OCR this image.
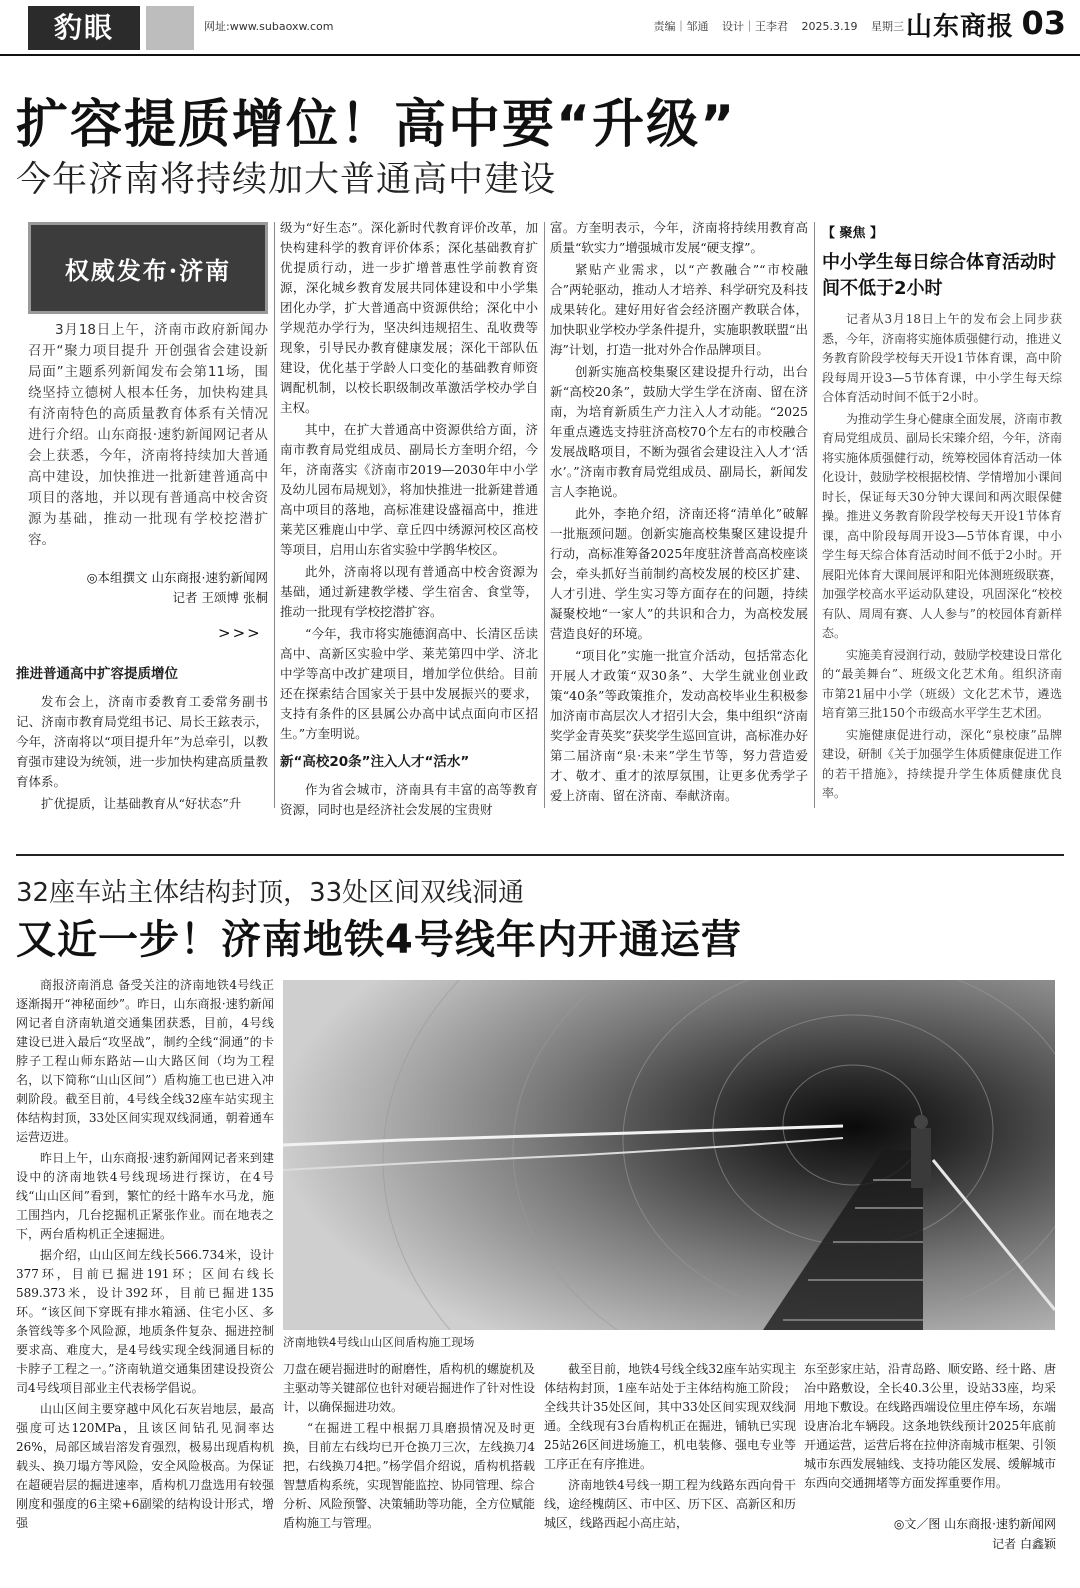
豹眼	网址:www.subaoxw.com	责编｜邹通 设计｜王李君 2025.3.19 星期三 山东商报 03
扩容提质增位！高中要“升级”
今年济南将持续加大普通高中建设
权威发布·济南

3月18日上午，济南市政府新闻办召开“聚力项目提升 开创强省会建设新局面”主题系列新闻发布会第11场，围绕坚持立德树人根本任务，加快构建具有济南特色的高质量教育体系有关情况进行介绍。山东商报·速豹新闻网记者从会上获悉，今年，济南将持续加大普通高中建设，加快推进一批新建普通高中项目的落地，并以现有普通高中校舍资源为基础，推动一批现有学校挖潜扩容。

◎本组撰文 山东商报·速豹新闻网
记者 王颂博 张桐
>>>
推进普通高中扩容提质增位

发布会上，济南市委教育工委常务副书记、济南市教育局党组书记、局长王鉉表示，今年，济南将以“项目提升年”为总牵引，以教育强市建设为统领，进一步加快构建高质量教育体系。

扩优提质，让基础教育从“好状态”升

级为“好生态”。深化新时代教育评价改革，加快构建科学的教育评价体系；深化基础教育扩优提质行动，进一步扩增普惠性学前教育资源，深化城乡教育发展共同体建设和中小学集团化办学，扩大普通高中资源供给；深化中小学规范办学行为，坚决纠违规招生、乱收费等现象，引导民办教育健康发展；深化干部队伍建设，优化基于学龄人口变化的基础教育师资调配机制，以校长职级制改革激活学校办学自主权。

其中，在扩大普通高中资源供给方面，济南市教育局党组成员、副局长方奎明介绍，今年，济南落实《济南市2019—2030年中小学及幼儿园布局规划》，将加快推进一批新建普通高中项目的落地，高标准建设盛福高中，推进莱芜区雅鹿山中学、章丘四中绣源河校区高校等项目，启用山东省实验中学鹊华校区。

此外，济南将以现有普通高中校舍资源为基础，通过新建教学楼、学生宿舍、食堂等，推动一批现有学校挖潜扩容。

“今年，我市将实施德润高中、长清区岳读高中、高新区实验中学、莱芜第四中学、济北中学等高中改扩建项目，增加学位供给。目前还在探索结合国家关于县中发展振兴的要求，支持有条件的区县属公办高中试点面向市区招生。”方奎明说。

新“高校20条”注入人才“活水”

作为省会城市，济南具有丰富的高等教育资源，同时也是经济社会发展的宝贵财

富。方奎明表示，今年，济南将持续用教育高质量“软实力”增强城市发展“硬支撑”。

紧贴产业需求，以“产教融合”“市校融合”两轮驱动，推动人才培养、科学研究及科技成果转化。建好用好省会经济圈产教联合体，加快职业学校办学条件提升，实施职教联盟“出海”计划，打造一批对外合作品牌项目。

创新实施高校集聚区建设提升行动，出台新“高校20条”，鼓励大学生学在济南、留在济南，为培育新质生产力注入人才动能。“2025年重点遴选支持驻济高校70个左右的市校融合发展战略项目，不断为强省会建设注入人才‘活水’。”济南市教育局党组成员、副局长，新闻发言人李艳说。

此外，李艳介绍，济南还将“清单化”破解一批瓶颈问题。创新实施高校集聚区建设提升行动，高标准筹备2025年度驻济普高高校座谈会，牵头抓好当前制约高校发展的校区扩建、人才引进、学生实习等方面存在的问题，持续凝聚校地“一家人”的共识和合力，为高校发展营造良好的环境。

“项目化”实施一批宣介活动，包括常态化开展人才政策“双30条”、大学生就业创业政策“40条”等政策推介，发动高校毕业生积极参加济南市高层次人才招引大会，集中组织“济南奖学金青英奖”获奖学生巡回宣讲，高标准办好第二届济南“泉·未来”学生节等，努力营造爱才、敬才、重才的浓厚氛围，让更多优秀学子爱上济南、留在济南、奉献济南。

【 聚焦 】
中小学生每日综合体育活动时间不低于2小时

记者从3月18日上午的发布会上同步获悉，今年，济南将实施体质强健行动，推进义务教育阶段学校每天开设1节体育课，高中阶段每周开设3—5节体育课，中小学生每天综合体育活动时间不低于2小时。

为推动学生身心健康全面发展，济南市教育局党组成员、副局长宋臻介绍，今年，济南将实施体质强健行动，统筹校园体育活动一体化设计，鼓励学校根据校情、学情增加小课间时长，保证每天30分钟大课间和两次眼保健操。推进义务教育阶段学校每天开设1节体育课，高中阶段每周开设3—5节体育课，中小学生每天综合体育活动时间不低于2小时。开展阳光体育大课间展评和阳光体测班级联赛，加强学校高水平运动队建设，巩固深化“校校有队、周周有赛、人人参与”的校园体育新样态。

实施美育浸润行动，鼓励学校建设日常化的“最美舞台”、班级文化艺术角。组织济南市第21届中小学（班级）文化艺术节，遴选培育第三批150个市级高水平学生艺术团。

实施健康促进行动，深化“泉校康”品牌建设，研制《关于加强学生体质健康促进工作的若干措施》，持续提升学生体质健康优良率。

32座车站主体结构封顶，33处区间双线洞通
又近一步！济南地铁4号线年内开通运营

商报济南消息 备受关注的济南地铁4号线正逐渐揭开“神秘面纱”。昨日，山东商报·速豹新闻网记者自济南轨道交通集团获悉，目前，4号线建设已进入最后“攻坚战”，制约全线“洞通”的卡脖子工程山师东路站—山大路区间（均为工程名，以下简称“山山区间”）盾构施工也已进入冲刺阶段。截至目前，4号线全线32座车站实现主体结构封顶，33处区间实现双线洞通，朝着通车运营迈进。

昨日上午，山东商报·速豹新闻网记者来到建设中的济南地铁4号线现场进行探访，在4号线“山山区间”看到，繁忙的经十路车水马龙，施工围挡内，几台挖掘机正紧张作业。而在地表之下，两台盾构机正全速掘进。

据介绍，山山区间左线长566.734米，设计377环，目前已掘进191环；区间右线长589.373米，设计392环，目前已掘进135环。“该区间下穿既有排水箱涵、住宅小区、多条管线等多个风险源，地质条件复杂、掘进控制要求高、难度大，是4号线实现全线洞通目标的卡脖子工程之一。”济南轨道交通集团建设投资公司4号线项目部业主代表杨学倡说。

山山区间主要穿越中风化石灰岩地层，最高强度可达120MPa，且该区间钻孔见洞率达26%，局部区域岩溶发育强烈，极易出现盾构机载头、换刀塌方等风险，安全风险极高。为保证在超硬岩层的掘进速率，盾构机刀盘选用有较强刚度和强度的6主梁+6副梁的结构设计形式，增强

济南地铁4号线山山区间盾构施工现场

刀盘在硬岩掘进时的耐磨性，盾构机的螺旋机及主驱动等关键部位也针对硬岩掘进作了针对性设计，以确保掘进功效。

“在掘进工程中根据刀具磨损情况及时更换，目前左右线均已开仓换刀三次，左线换刀4把，右线换刀4把。”杨学倡介绍说，盾构机搭载智慧盾构系统，实现智能监控、协同管理、综合分析、风险预警、决策辅助等功能，全方位赋能盾构施工与管理。

截至目前，地铁4号线全线32座车站实现主体结构封顶，1座车站处于主体结构施工阶段；全线共计35处区间，其中33处区间实现双线洞通。全线现有3台盾构机正在掘进，铺轨已实现25站26区间进场施工，机电装修、强电专业等工序正在有序推进。

济南地铁4号线一期工程为线路东西向骨干线，途经槐荫区、市中区、历下区、高新区和历城区，线路西起小高庄站，

东至彭家庄站，沿青岛路、顺安路、经十路、唐冶中路敷设，全长40.3公里，设站33座，均采用地下敷设。在线路西端设位里庄停车场，东端设唐冶北车辆段。这条地铁线预计2025年底前开通运营，运营后将在拉伸济南城市框架、引领城市东西发展轴线、支持功能区发展、缓解城市东西向交通拥堵等方面发挥重要作用。

◎文／图 山东商报·速豹新闻网
记者 白鑫颖
